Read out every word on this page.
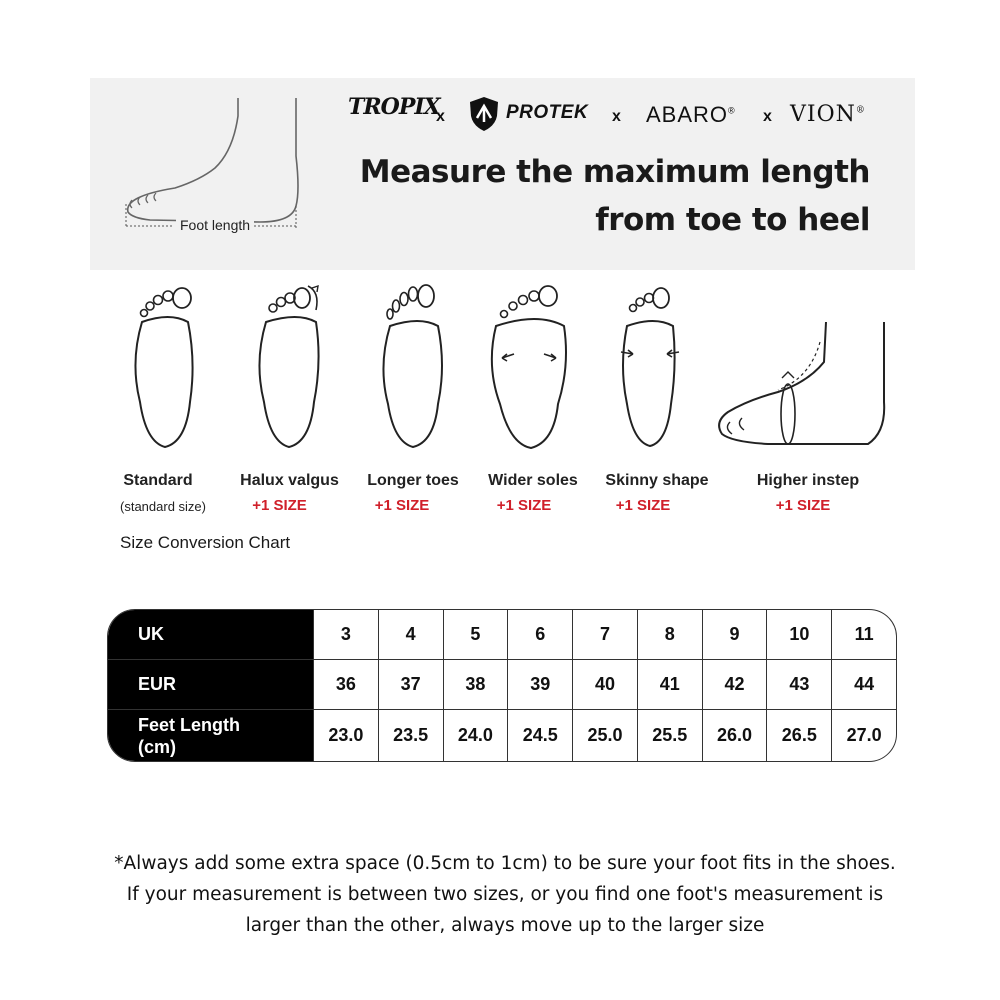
Foot length
TROPIX
x	PROTEK x ABARO® x VION®
Measure the maximum length
from toe to heel
Standard
(standard size)
Halux valgus
+1 SIZE
Longer toes
+1 SIZE
Wider soles
+1 SIZE
Skinny shape
+1 SIZE
Higher instep
+1 SIZE
Size Conversion Chart
UK	3	4	5	6	7	8	9	10	11
EUR	36	37	38	39	40	41	42	43	44
Feet Length
(cm)
23.0	23.5	24.0	24.5	25.0	25.5	26.0	26.5	27.0
*Always add some extra space (0.5cm to 1cm) to be sure your foot fits in the shoes.
If your measurement is between two sizes, or you find one foot's measurement is
larger than the other, always move up to the larger size
